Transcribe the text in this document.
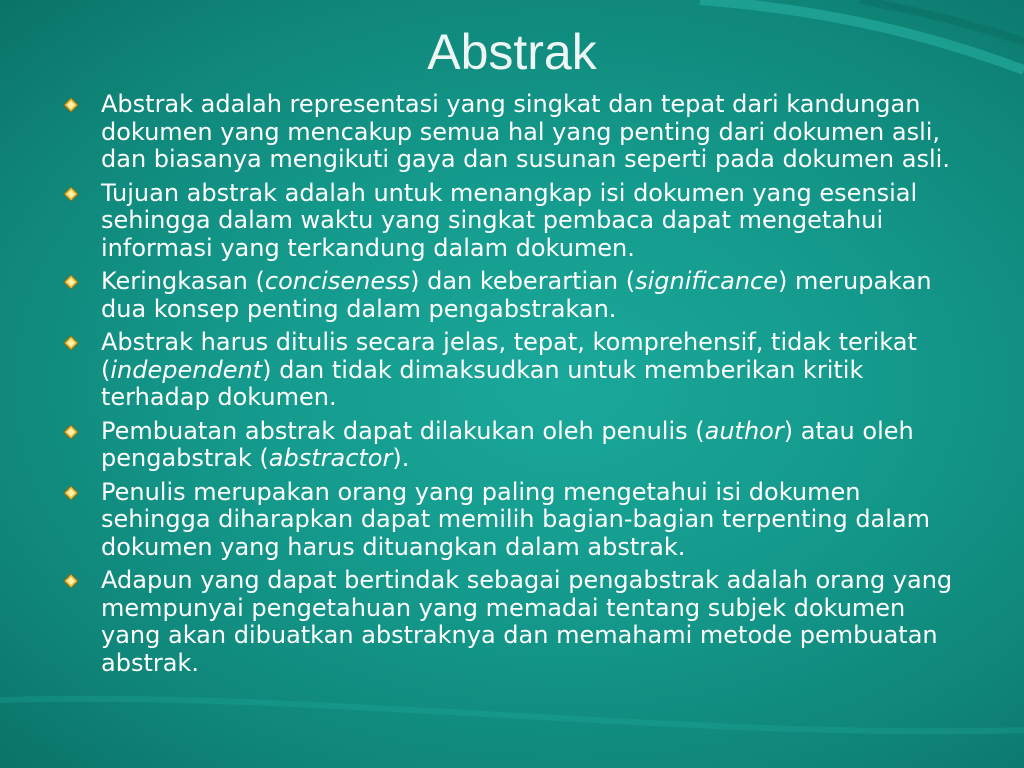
Abstrak
Abstrak adalah representasi yang singkat dan tepat dari kandungan dokumen yang mencakup semua hal yang penting dari dokumen asli, dan biasanya mengikuti gaya dan susunan seperti pada dokumen asli.
Tujuan abstrak adalah untuk menangkap isi dokumen yang esensial sehingga dalam waktu yang singkat pembaca dapat mengetahui informasi yang terkandung dalam dokumen.
Keringkasan (conciseness) dan keberartian (significance) merupakan dua konsep penting dalam pengabstrakan.
Abstrak harus ditulis secara jelas, tepat, komprehensif, tidak terikat (independent) dan tidak dimaksudkan untuk memberikan kritik terhadap dokumen.
Pembuatan abstrak dapat dilakukan oleh penulis (author) atau oleh pengabstrak (abstractor).
Penulis merupakan orang yang paling mengetahui isi dokumen sehingga diharapkan dapat memilih bagian-bagian terpenting dalam dokumen yang harus dituangkan dalam abstrak.
Adapun yang dapat bertindak sebagai pengabstrak adalah orang yang mempunyai pengetahuan yang memadai tentang subjek dokumen yang akan dibuatkan abstraknya dan memahami metode pembuatan abstrak.
